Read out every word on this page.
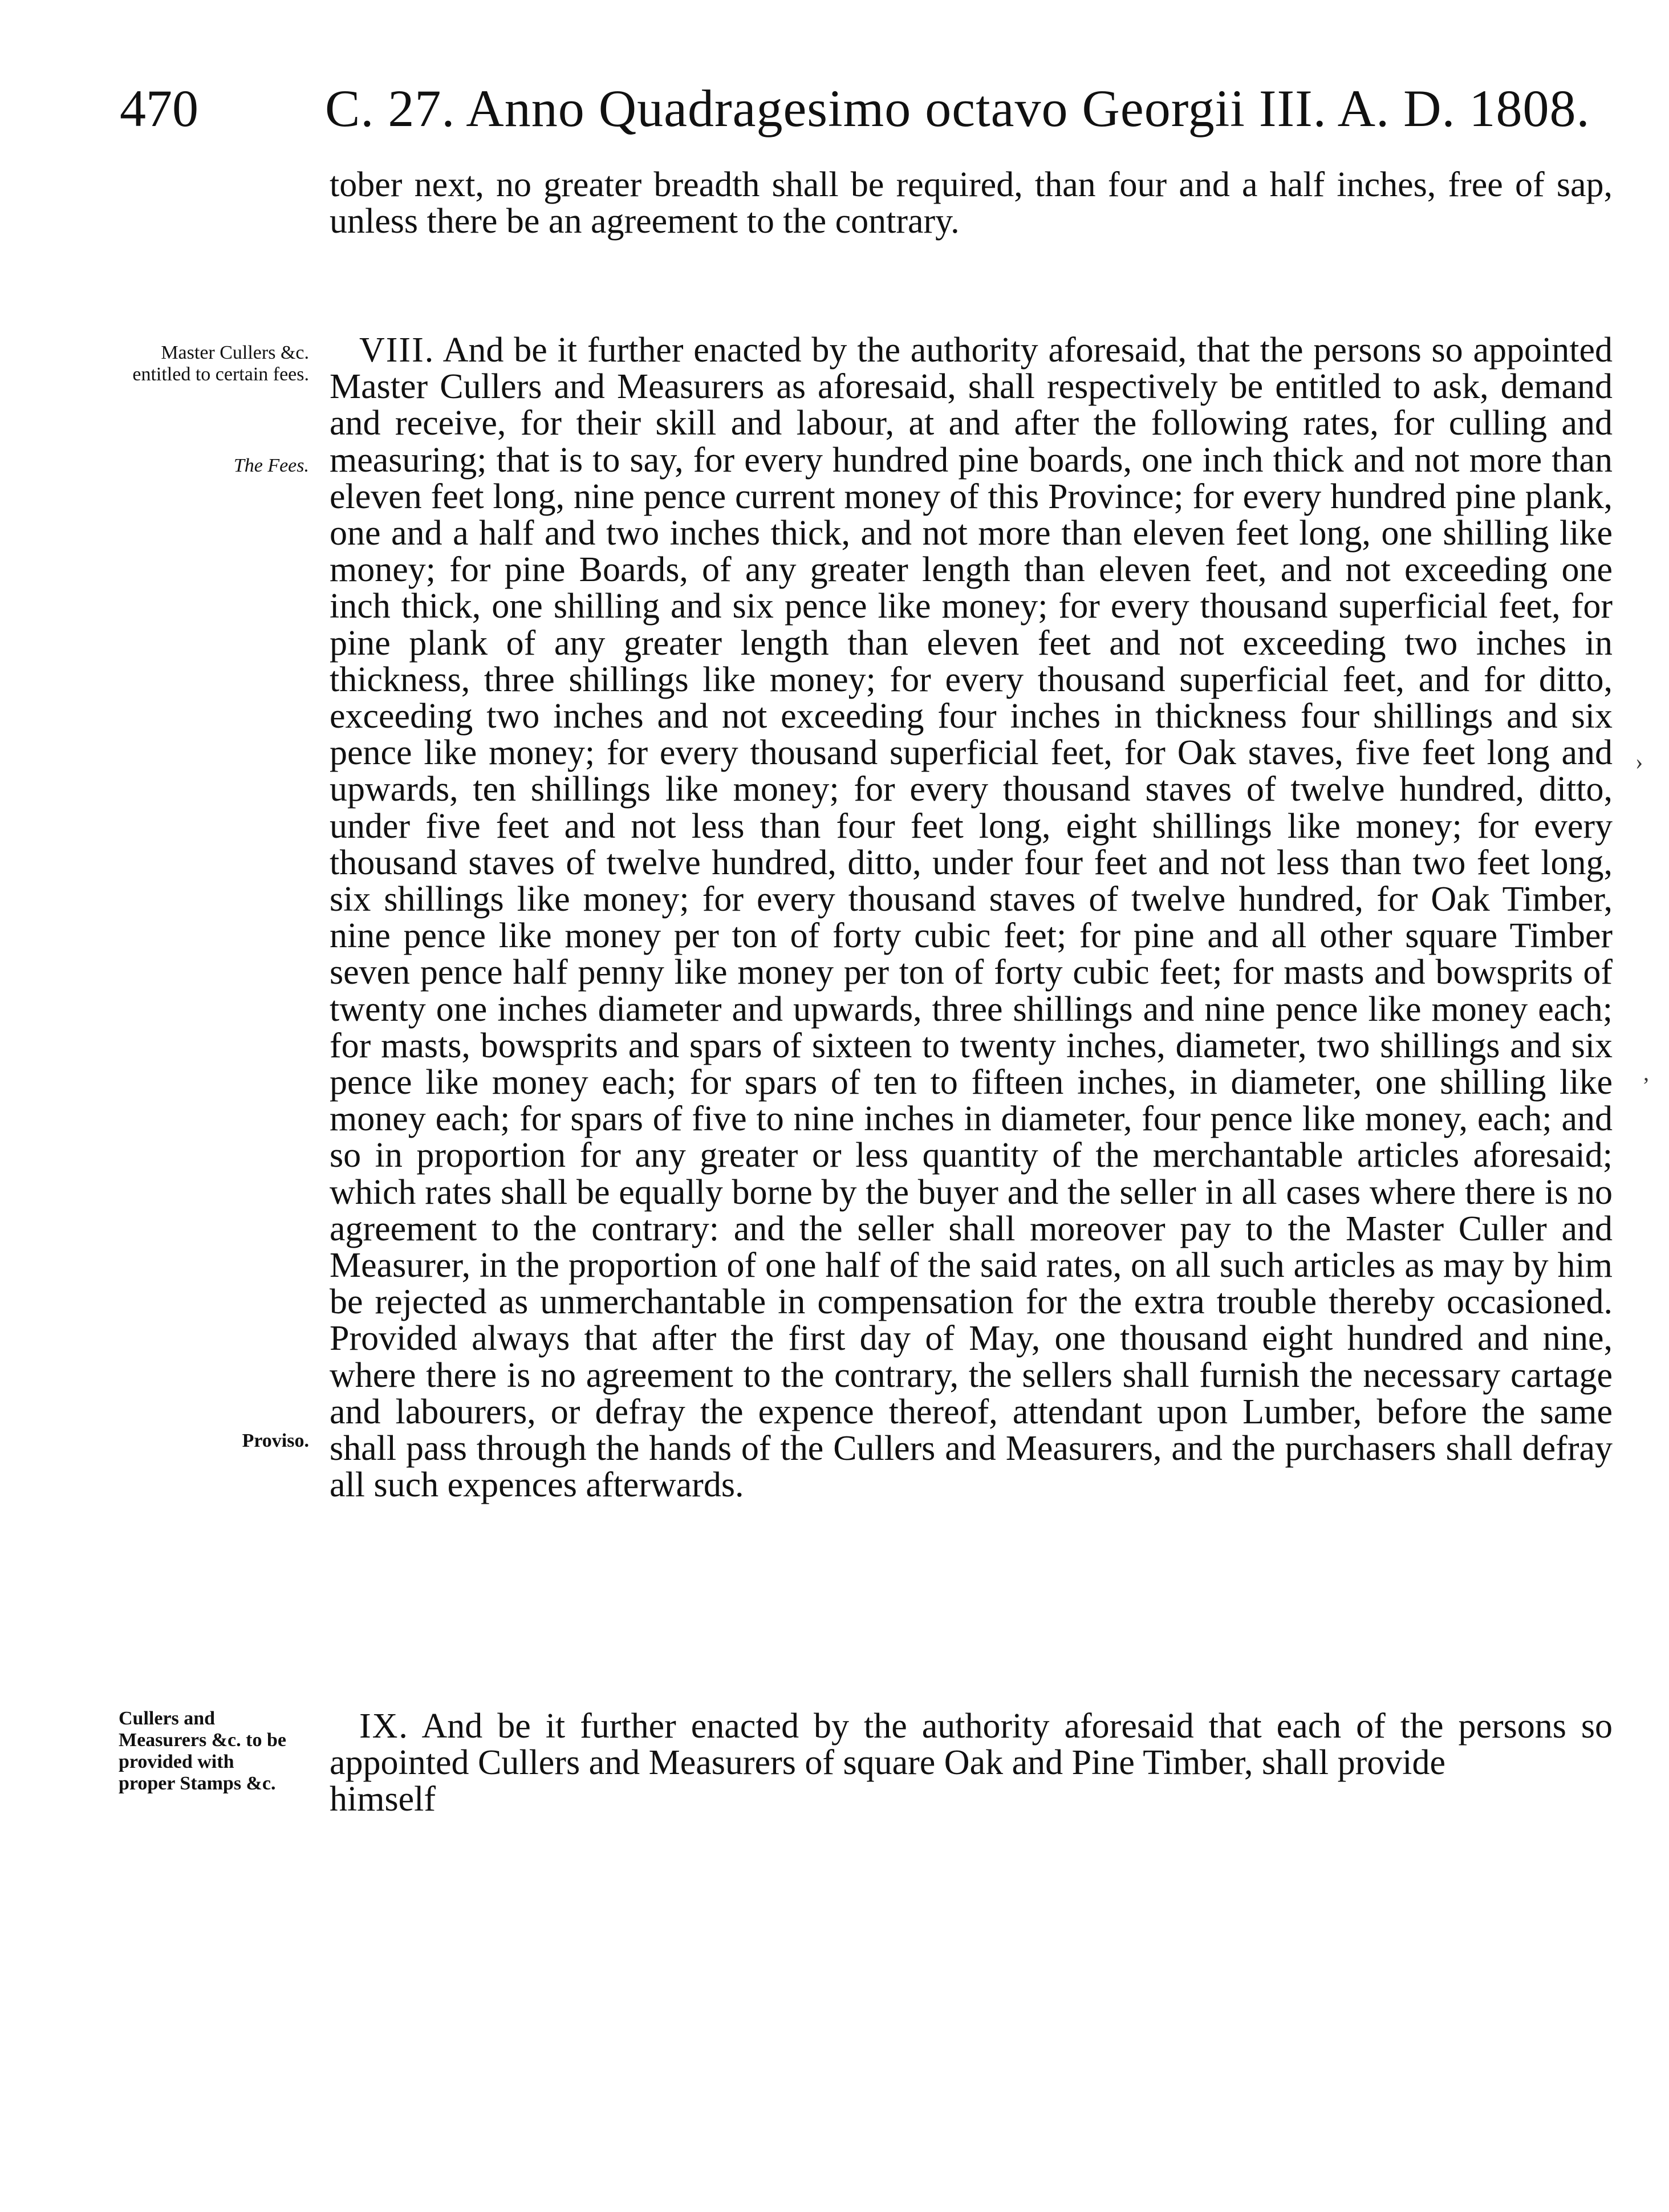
470 C. 27. Anno Quadragesimo octavo Georgii III. A. D. 1808.

tober next, no greater breadth shall be required, than four and a half inches, free of sap, unless there be an agreement to the contrary.

Master Cullers &c. entitled to certain fees.
The Fees.
Proviso.

VIII. And be it further enacted by the authority aforesaid, that the persons so appointed Master Cullers and Measurers as aforesaid, shall respectively be entitled to ask, demand and receive, for their skill and labour, at and after the following rates, for culling and measuring; that is to say, for every hundred pine boards, one inch thick and not more than eleven feet long, nine pence current money of this Province; for every hundred pine plank, one and a half and two inches thick, and not more than eleven feet long, one shilling like money; for pine Boards, of any greater length than eleven feet, and not exceeding one inch thick, one shilling and six pence like money; for every thousand superficial feet, for pine plank of any greater length than eleven feet and not exceeding two inches in thickness, three shillings like money; for every thousand superficial feet, and for ditto, exceeding two inches and not exceeding four inches in thickness four shillings and six pence like money; for every thousand superficial feet, for Oak staves, five feet long and upwards, ten shillings like money; for every thousand staves of twelve hundred, ditto, under five feet and not less than four feet long, eight shillings like money; for every thousand staves of twelve hundred, ditto, under four feet and not less than two feet long, six shillings like money; for every thousand staves of twelve hundred, for Oak Timber, nine pence like money per ton of forty cubic feet; for pine and all other square Timber seven pence half penny like money per ton of forty cubic feet; for masts and bowsprits of twenty one inches diameter and upwards, three shillings and nine pence like money each; for masts, bowsprits and spars of sixteen to twenty inches, diameter, two shillings and six pence like money each; for spars of ten to fifteen inches, in diameter, one shilling like money each; for spars of five to nine inches in diameter, four pence like money, each; and so in proportion for any greater or less quantity of the merchantable articles aforesaid; which rates shall be equally borne by the buyer and the seller in all cases where there is no agreement to the contrary: and the seller shall moreover pay to the Master Culler and Measurer, in the proportion of one half of the said rates, on all such articles as may by him be rejected as unmerchantable in compensation for the extra trouble thereby occasioned. Provided always that after the first day of May, one thousand eight hundred and nine, where there is no agreement to the contrary, the sellers shall furnish the necessary cartage and labourers, or defray the expence thereof, attendant upon Lumber, before the same shall pass through the hands of the Cullers and Measurers, and the purchasers shall defray all such expences afterwards.

Cullers and Measurers &c. to be provided with proper Stamps &c.

IX. And be it further enacted by the authority aforesaid that each of the persons so appointed Cullers and Measurers of square Oak and Pine Timber, shall provide

himself

›
’
